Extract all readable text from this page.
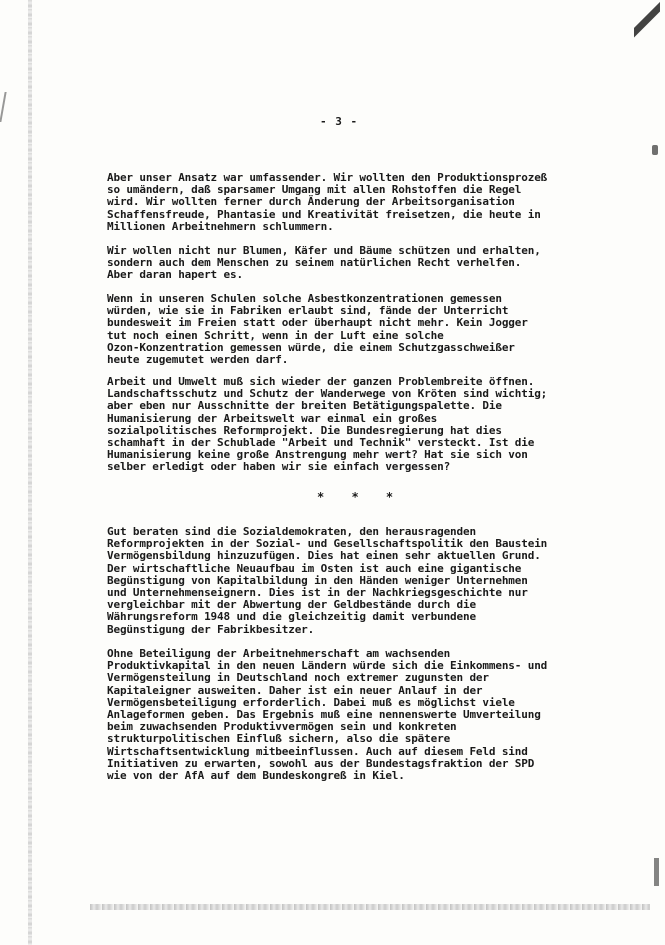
- 3 -
Aber unser Ansatz war umfassender. Wir wollten den Produktionsprozeß
so umändern, daß sparsamer Umgang mit allen Rohstoffen die Regel
wird. Wir wollten ferner durch Änderung der Arbeitsorganisation
Schaffensfreude, Phantasie und Kreativität freisetzen, die heute in
Millionen Arbeitnehmern schlummern.
Wir wollen nicht nur Blumen, Käfer und Bäume schützen und erhalten,
sondern auch dem Menschen zu seinem natürlichen Recht verhelfen.
Aber daran hapert es.
Wenn in unseren Schulen solche Asbestkonzentrationen gemessen
würden, wie sie in Fabriken erlaubt sind, fände der Unterricht
bundesweit im Freien statt oder überhaupt nicht mehr. Kein Jogger
tut noch einen Schritt, wenn in der Luft eine solche
Ozon-Konzentration gemessen würde, die einem Schutzgasschweißer
heute zugemutet werden darf.
Arbeit und Umwelt muß sich wieder der ganzen Problembreite öffnen.
Landschaftsschutz und Schutz der Wanderwege von Kröten sind wichtig;
aber eben nur Ausschnitte der breiten Betätigungspalette. Die
Humanisierung der Arbeitswelt war einmal ein großes
sozialpolitisches Reformprojekt. Die Bundesregierung hat dies
schamhaft in der Schublade "Arbeit und Technik" versteckt. Ist die
Humanisierung keine große Anstrengung mehr wert? Hat sie sich von
selber erledigt oder haben wir sie einfach vergessen?
* * *
Gut beraten sind die Sozialdemokraten, den herausragenden
Reformprojekten in der Sozial- und Gesellschaftspolitik den Baustein
Vermögensbildung hinzuzufügen. Dies hat einen sehr aktuellen Grund.
Der wirtschaftliche Neuaufbau im Osten ist auch eine gigantische
Begünstigung von Kapitalbildung in den Händen weniger Unternehmen
und Unternehmenseignern. Dies ist in der Nachkriegsgeschichte nur
vergleichbar mit der Abwertung der Geldbestände durch die
Währungsreform 1948 und die gleichzeitig damit verbundene
Begünstigung der Fabrikbesitzer.
Ohne Beteiligung der Arbeitnehmerschaft am wachsenden
Produktivkapital in den neuen Ländern würde sich die Einkommens- und
Vermögensteilung in Deutschland noch extremer zugunsten der
Kapitaleigner ausweiten. Daher ist ein neuer Anlauf in der
Vermögensbeteiligung erforderlich. Dabei muß es möglichst viele
Anlageformen geben. Das Ergebnis muß eine nennenswerte Umverteilung
beim zuwachsenden Produktivvermögen sein und konkreten
strukturpolitischen Einfluß sichern, also die spätere
Wirtschaftsentwicklung mitbeeinflussen. Auch auf diesem Feld sind
Initiativen zu erwarten, sowohl aus der Bundestagsfraktion der SPD
wie von der AfA auf dem Bundeskongreß in Kiel.
